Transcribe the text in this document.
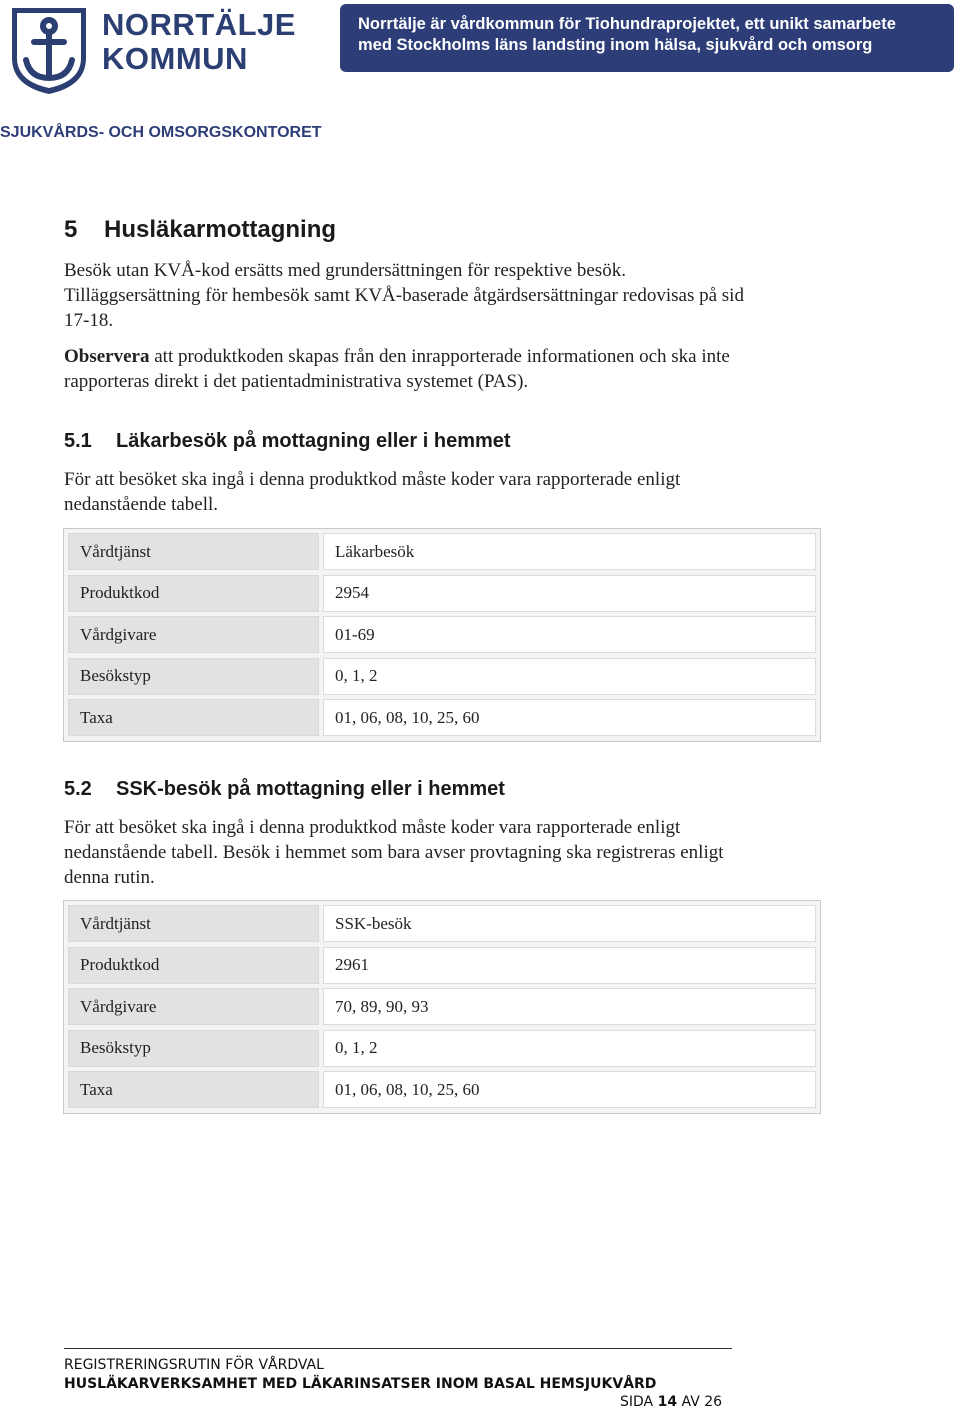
NORRTÄLJE
KOMMUN
Norrtälje är vårdkommun för Tiohundraprojektet, ett unikt samarbete
med Stockholms läns landsting inom hälsa, sjukvård och omsorg
SJUKVÅRDS- OCH OMSORGSKONTORET
5 Husläkarmottagning
Besök utan KVÅ-kod ersätts med grundersättningen för respektive besök. Tilläggsersättning för hembesök samt KVÅ-baserade åtgärdsersättningar redovisas på sid 17-18.
Observera att produktkoden skapas från den inrapporterade informationen och ska inte rapporteras direkt i det patientadministrativa systemet (PAS).
5.1 Läkarbesök på mottagning eller i hemmet
För att besöket ska ingå i denna produktkod måste koder vara rapporterade enligt nedanstående tabell.
Vårdtjänst	Läkarbesök
Produktkod	2954
Vårdgivare	01-69
Besökstyp	0, 1, 2
Taxa	01, 06, 08, 10, 25, 60
5.2 SSK-besök på mottagning eller i hemmet
För att besöket ska ingå i denna produktkod måste koder vara rapporterade enligt nedanstående tabell. Besök i hemmet som bara avser provtagning ska registreras enligt denna rutin.
Vårdtjänst	SSK-besök
Produktkod	2961
Vårdgivare	70, 89, 90, 93
Besökstyp	0, 1, 2
Taxa	01, 06, 08, 10, 25, 60
REGISTRERINGSRUTIN FÖR VÅRDVAL
HUSLÄKARVERKSAMHET MED LÄKARINSATSER INOM BASAL HEMSJUKVÅRD
SIDA 14 AV 26
